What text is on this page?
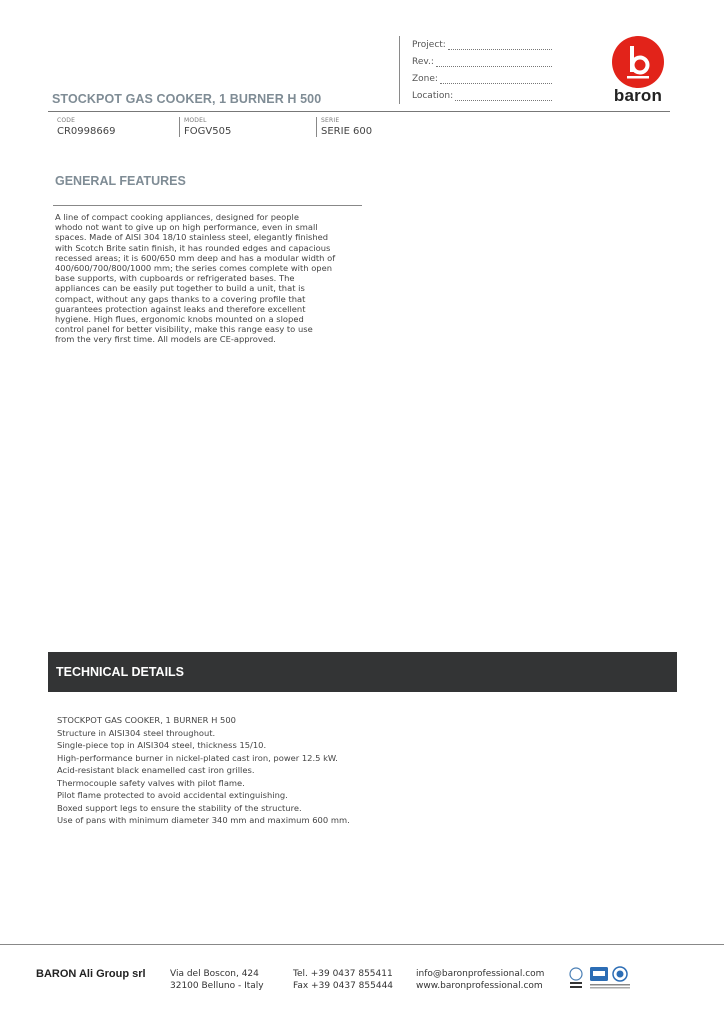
Project:
Rev.:
Zone:
Location:	baron
STOCKPOT GAS COOKER, 1 BURNER H 500
CODE
CR0998669
MODEL
FOGV505
SERIE
SERIE 600
GENERAL FEATURES
A line of compact cooking appliances, designed for people
whodo not want to give up on high performance, even in small
spaces. Made of AISI 304 18/10 stainless steel, elegantly finished
with Scotch Brite satin finish, it has rounded edges and capacious
recessed areas; it is 600/650 mm deep and has a modular width of
400/600/700/800/1000 mm; the series comes complete with open
base supports, with cupboards or refrigerated bases. The
appliances can be easily put together to build a unit, that is
compact, without any gaps thanks to a covering profile that
guarantees protection against leaks and therefore excellent
hygiene. High flues, ergonomic knobs mounted on a sloped
control panel for better visibility, make this range easy to use
from the very first time. All models are CE-approved.
TECHNICAL DETAILS
STOCKPOT GAS COOKER, 1 BURNER H 500
Structure in AISI304 steel throughout.
Single-piece top in AISI304 steel, thickness 15/10.
High-performance burner in nickel-plated cast iron, power 12.5 kW.
Acid-resistant black enamelled cast iron grilles.
Thermocouple safety valves with pilot flame.
Pilot flame protected to avoid accidental extinguishing.
Boxed support legs to ensure the stability of the structure.
Use of pans with minimum diameter 340 mm and maximum 600 mm.
BARON Ali Group srl	Via del Boscon, 424
32100 Belluno - Italy
Tel. +39 0437 855411
Fax +39 0437 855444
info@baronprofessional.com
www.baronprofessional.com
